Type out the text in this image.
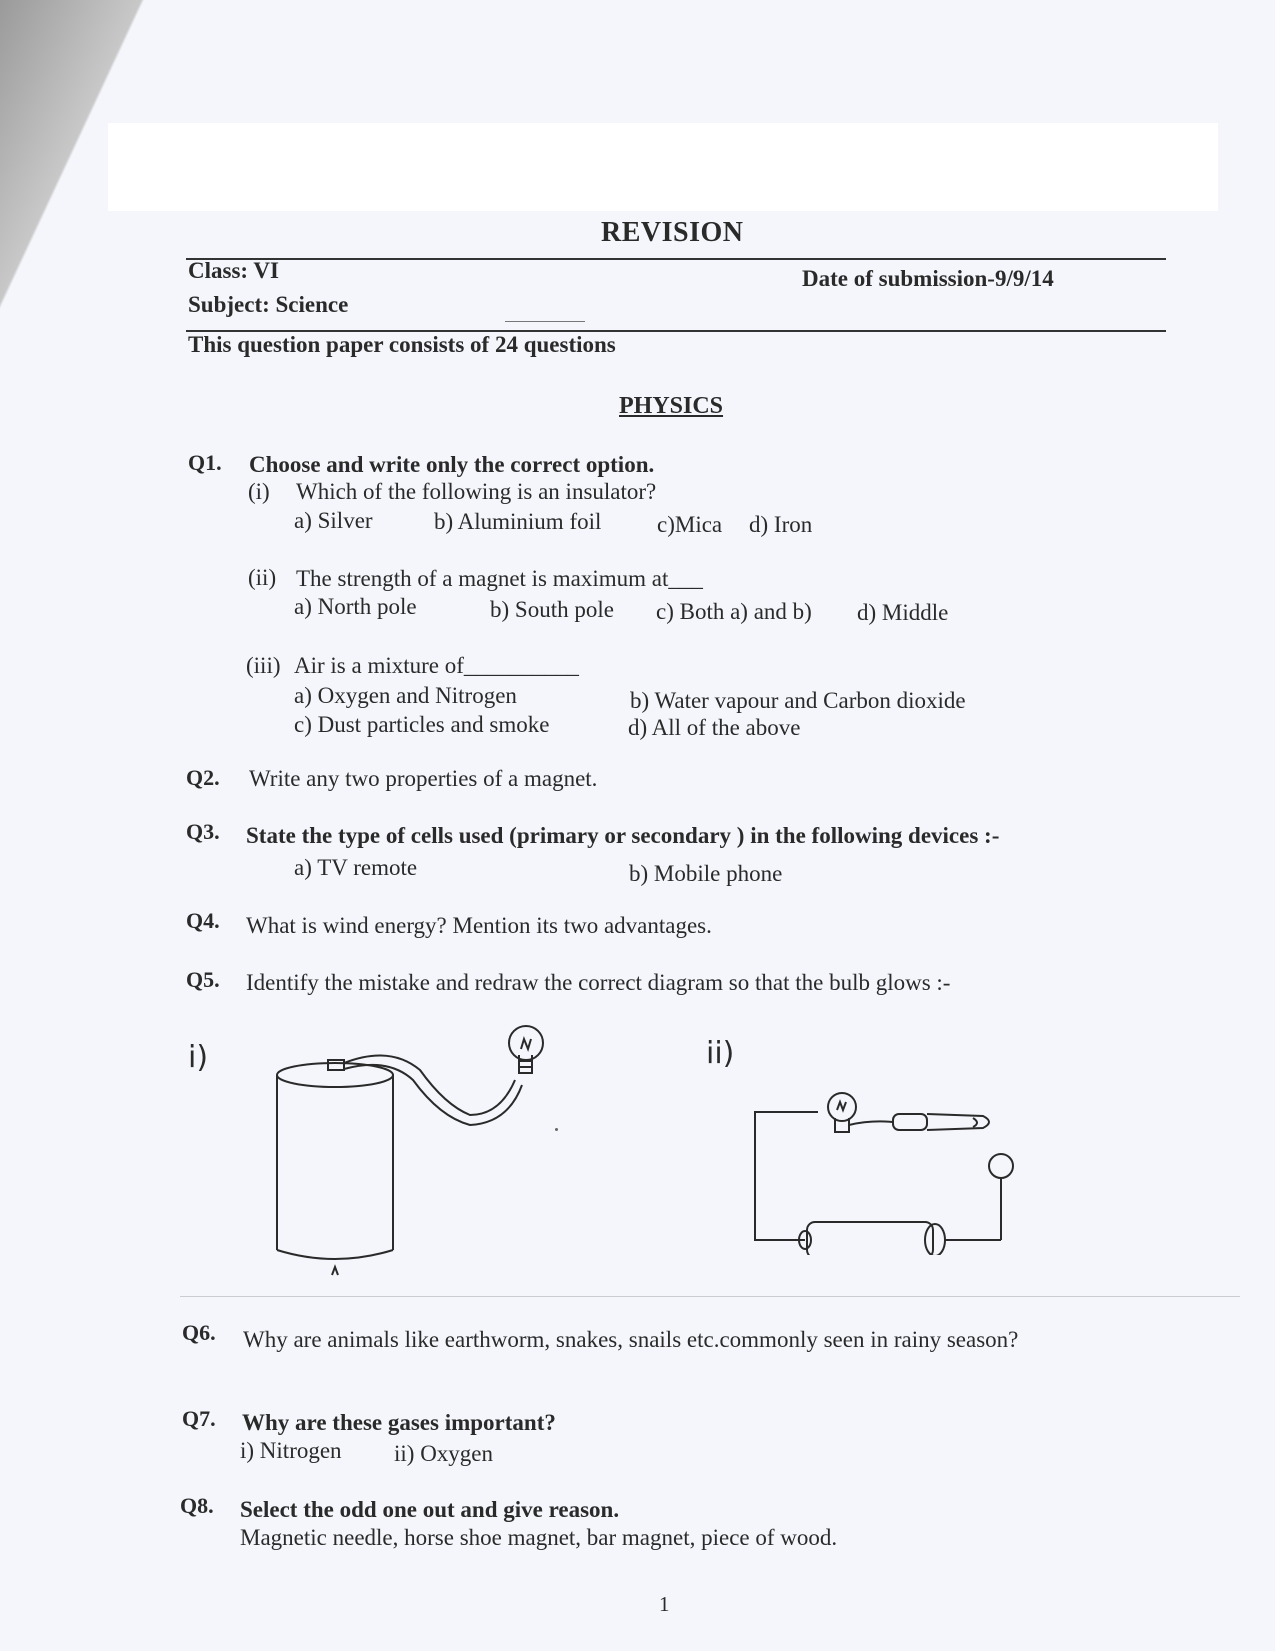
REVISION
Class: VI	Date of submission-9/9/14
Subject: Science
This question paper consists of 24 questions
PHYSICS
Q1. Choose and write only the correct option.
(i) Which of the following is an insulator?
a) Silver	b) Aluminium foil c)Mica d) Iron
(ii) The strength of a magnet is maximum at___
a) North pole	b) South pole c) Both a) and b) d) Middle
(iii) Air is a mixture of__________
a) Oxygen and Nitrogen	b) Water vapour and Carbon dioxide
c) Dust particles and smoke	d) All of the above
Q2. Write any two properties of a magnet.
Q3. State the type of cells used (primary or secondary ) in the following devices :-
a) TV remote	b) Mobile phone
Q4. What is wind energy? Mention its two advantages.
Q5. Identify the mistake and redraw the correct diagram so that the bulb glows :-
i)	ii)
Q6. Why are animals like earthworm, snakes, snails etc.commonly seen in rainy season?
Q7. Why are these gases important?
i) Nitrogen ii) Oxygen
Q8. Select the odd one out and give reason.
Magnetic needle, horse shoe magnet, bar magnet, piece of wood.
1
